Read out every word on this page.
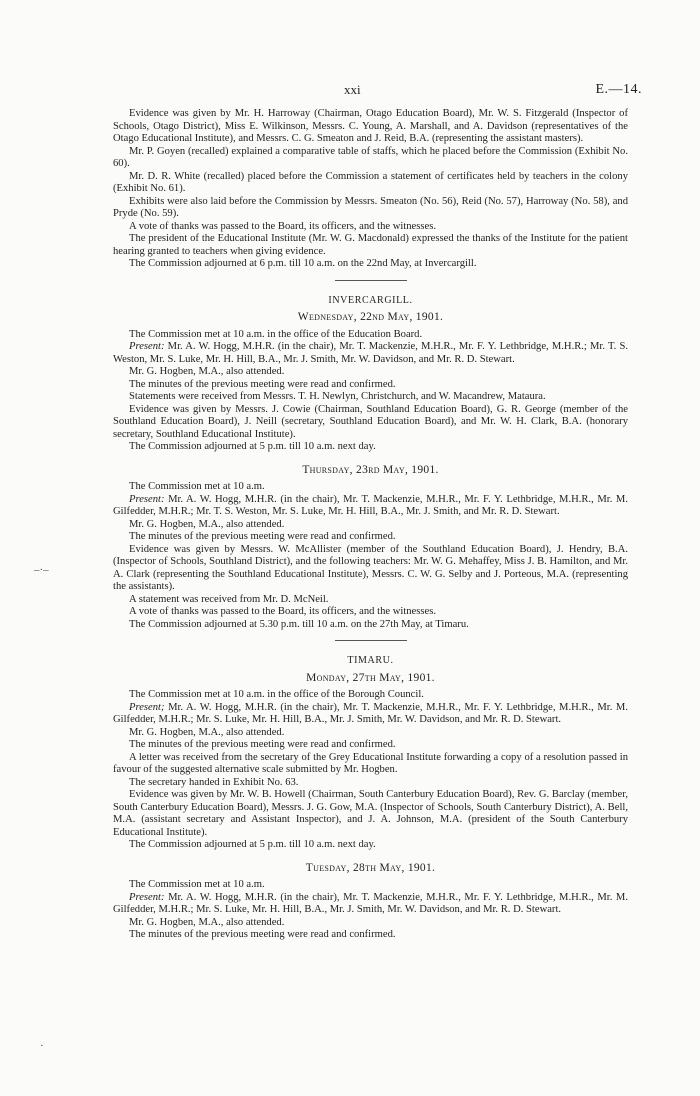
xxi	E.—14.
–·–
·

Evidence was given by Mr. H. Harroway (Chairman, Otago Education Board), Mr. W. S. Fitzgerald (Inspector of Schools, Otago District), Miss E. Wilkinson, Messrs. C. Young, A. Marshall, and A. Davidson (representatives of the Otago Educational Institute), and Messrs. C. G. Smeaton and J. Reid, B.A. (representing the assistant masters).

Mr. P. Goyen (recalled) explained a comparative table of staffs, which he placed before the Commission (Exhibit No. 60).

Mr. D. R. White (recalled) placed before the Commission a statement of certificates held by teachers in the colony (Exhibit No. 61).

Exhibits were also laid before the Commission by Messrs. Smeaton (No. 56), Reid (No. 57), Harroway (No. 58), and Pryde (No. 59).

A vote of thanks was passed to the Board, its officers, and the witnesses.

The president of the Educational Institute (Mr. W. G. Macdonald) expressed the thanks of the Institute for the patient hearing granted to teachers when giving evidence.

The Commission adjourned at 6 p.m. till 10 a.m. on the 22nd May, at Invercargill.

INVERCARGILL.
Wednesday, 22nd May, 1901.

The Commission met at 10 a.m. in the office of the Education Board.

Present: Mr. A. W. Hogg, M.H.R. (in the chair), Mr. T. Mackenzie, M.H.R., Mr. F. Y. Lethbridge, M.H.R.; Mr. T. S. Weston, Mr. S. Luke, Mr. H. Hill, B.A., Mr. J. Smith, Mr. W. Davidson, and Mr. R. D. Stewart.

Mr. G. Hogben, M.A., also attended.

The minutes of the previous meeting were read and confirmed.

Statements were received from Messrs. T. H. Newlyn, Christchurch, and W. Macandrew, Mataura.

Evidence was given by Messrs. J. Cowie (Chairman, Southland Education Board), G. R. George (member of the Southland Education Board), J. Neill (secretary, Southland Education Board), and Mr. W. H. Clark, B.A. (honorary secretary, Southland Educational Institute).

The Commission adjourned at 5 p.m. till 10 a.m. next day.

Thursday, 23rd May, 1901.

The Commission met at 10 a.m.

Present: Mr. A. W. Hogg, M.H.R. (in the chair), Mr. T. Mackenzie, M.H.R., Mr. F. Y. Lethbridge, M.H.R., Mr. M. Gilfedder, M.H.R.; Mr. T. S. Weston, Mr. S. Luke, Mr. H. Hill, B.A., Mr. J. Smith, and Mr. R. D. Stewart.

Mr. G. Hogben, M.A., also attended.

The minutes of the previous meeting were read and confirmed.

Evidence was given by Messrs. W. McAllister (member of the Southland Education Board), J. Hendry, B.A. (Inspector of Schools, Southland District), and the following teachers: Mr. W. G. Mehaffey, Miss J. B. Hamilton, and Mr. A. Clark (representing the Southland Educational Institute), Messrs. C. W. G. Selby and J. Porteous, M.A. (representing the assistants).

A statement was received from Mr. D. McNeil.

A vote of thanks was passed to the Board, its officers, and the witnesses.

The Commission adjourned at 5.30 p.m. till 10 a.m. on the 27th May, at Timaru.

TIMARU.
Monday, 27th May, 1901.

The Commission met at 10 a.m. in the office of the Borough Council.

Present; Mr. A. W. Hogg, M.H.R. (in the chair), Mr. T. Mackenzie, M.H.R., Mr. F. Y. Lethbridge, M.H.R., Mr. M. Gilfedder, M.H.R.; Mr. S. Luke, Mr. H. Hill, B.A., Mr. J. Smith, Mr. W. Davidson, and Mr. R. D. Stewart.

Mr. G. Hogben, M.A., also attended.

The minutes of the previous meeting were read and confirmed.

A letter was received from the secretary of the Grey Educational Institute forwarding a copy of a resolution passed in favour of the suggested alternative scale submitted by Mr. Hogben.

The secretary handed in Exhibit No. 63.

Evidence was given by Mr. W. B. Howell (Chairman, South Canterbury Education Board), Rev. G. Barclay (member, South Canterbury Education Board), Messrs. J. G. Gow, M.A. (Inspector of Schools, South Canterbury District), A. Bell, M.A. (assistant secretary and Assistant Inspector), and J. A. Johnson, M.A. (president of the South Canterbury Educational Institute).

The Commission adjourned at 5 p.m. till 10 a.m. next day.

Tuesday, 28th May, 1901.

The Commission met at 10 a.m.

Present: Mr. A. W. Hogg, M.H.R. (in the chair), Mr. T. Mackenzie, M.H.R., Mr. F. Y. Lethbridge, M.H.R., Mr. M. Gilfedder, M.H.R.; Mr. S. Luke, Mr. H. Hill, B.A., Mr. J. Smith, Mr. W. Davidson, and Mr. R. D. Stewart.

Mr. G. Hogben, M.A., also attended.

The minutes of the previous meeting were read and confirmed.
